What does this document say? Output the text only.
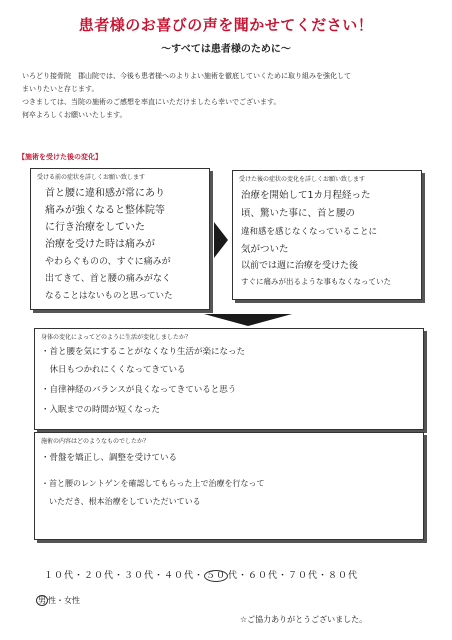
患者様のお喜びの声を聞かせてください！
～すべては患者様のために～

いろどり接骨院　郡山院では、今後も患者様へのよりよい施術を徹底していくために取り組みを強化して

まいりたいと存じます。

つきましては、当院の施術のご感想を率直にいただけましたら幸いでございます。

何卒よろしくお願いいたします。

【施術を受けた後の変化】
受ける前の症状を詳しくお願い致します
首と腰に違和感が常にあり
痛みが強くなると整体院等
に行き治療をしていた
治療を受けた時は痛みが
やわらぐものの、すぐに痛みが
出てきて、首と腰の痛みがなく
なることはないものと思っていた
受けた後の症状の変化を詳しくお願い致します
治療を開始して1カ月程経った
頃、驚いた事に、首と腰の
違和感を感じなくなっていることに
気がついた
以前では週に治療を受けた後
すぐに痛みが出るような事もなくなっていた
身体の変化によってどのように生活が変化しましたか？
・首と腰を気にすることがなくなり生活が楽になった
　休日もつかれにくくなってきている
・自律神経のバランスが良くなってきていると思う
・入眠までの時間が短くなった
施術の内容はどのようなものでしたか？
・骨盤を矯正し、調整を受けている
・首と腰のレントゲンを確認してもらった上で治療を行なって
　いただき、根本治療をしていただいている
１０代・２０代・３０代・４０代・ ５０ 代・６０代・７０代・８０代
男 性・女性
☆ご協力ありがとうございました。
